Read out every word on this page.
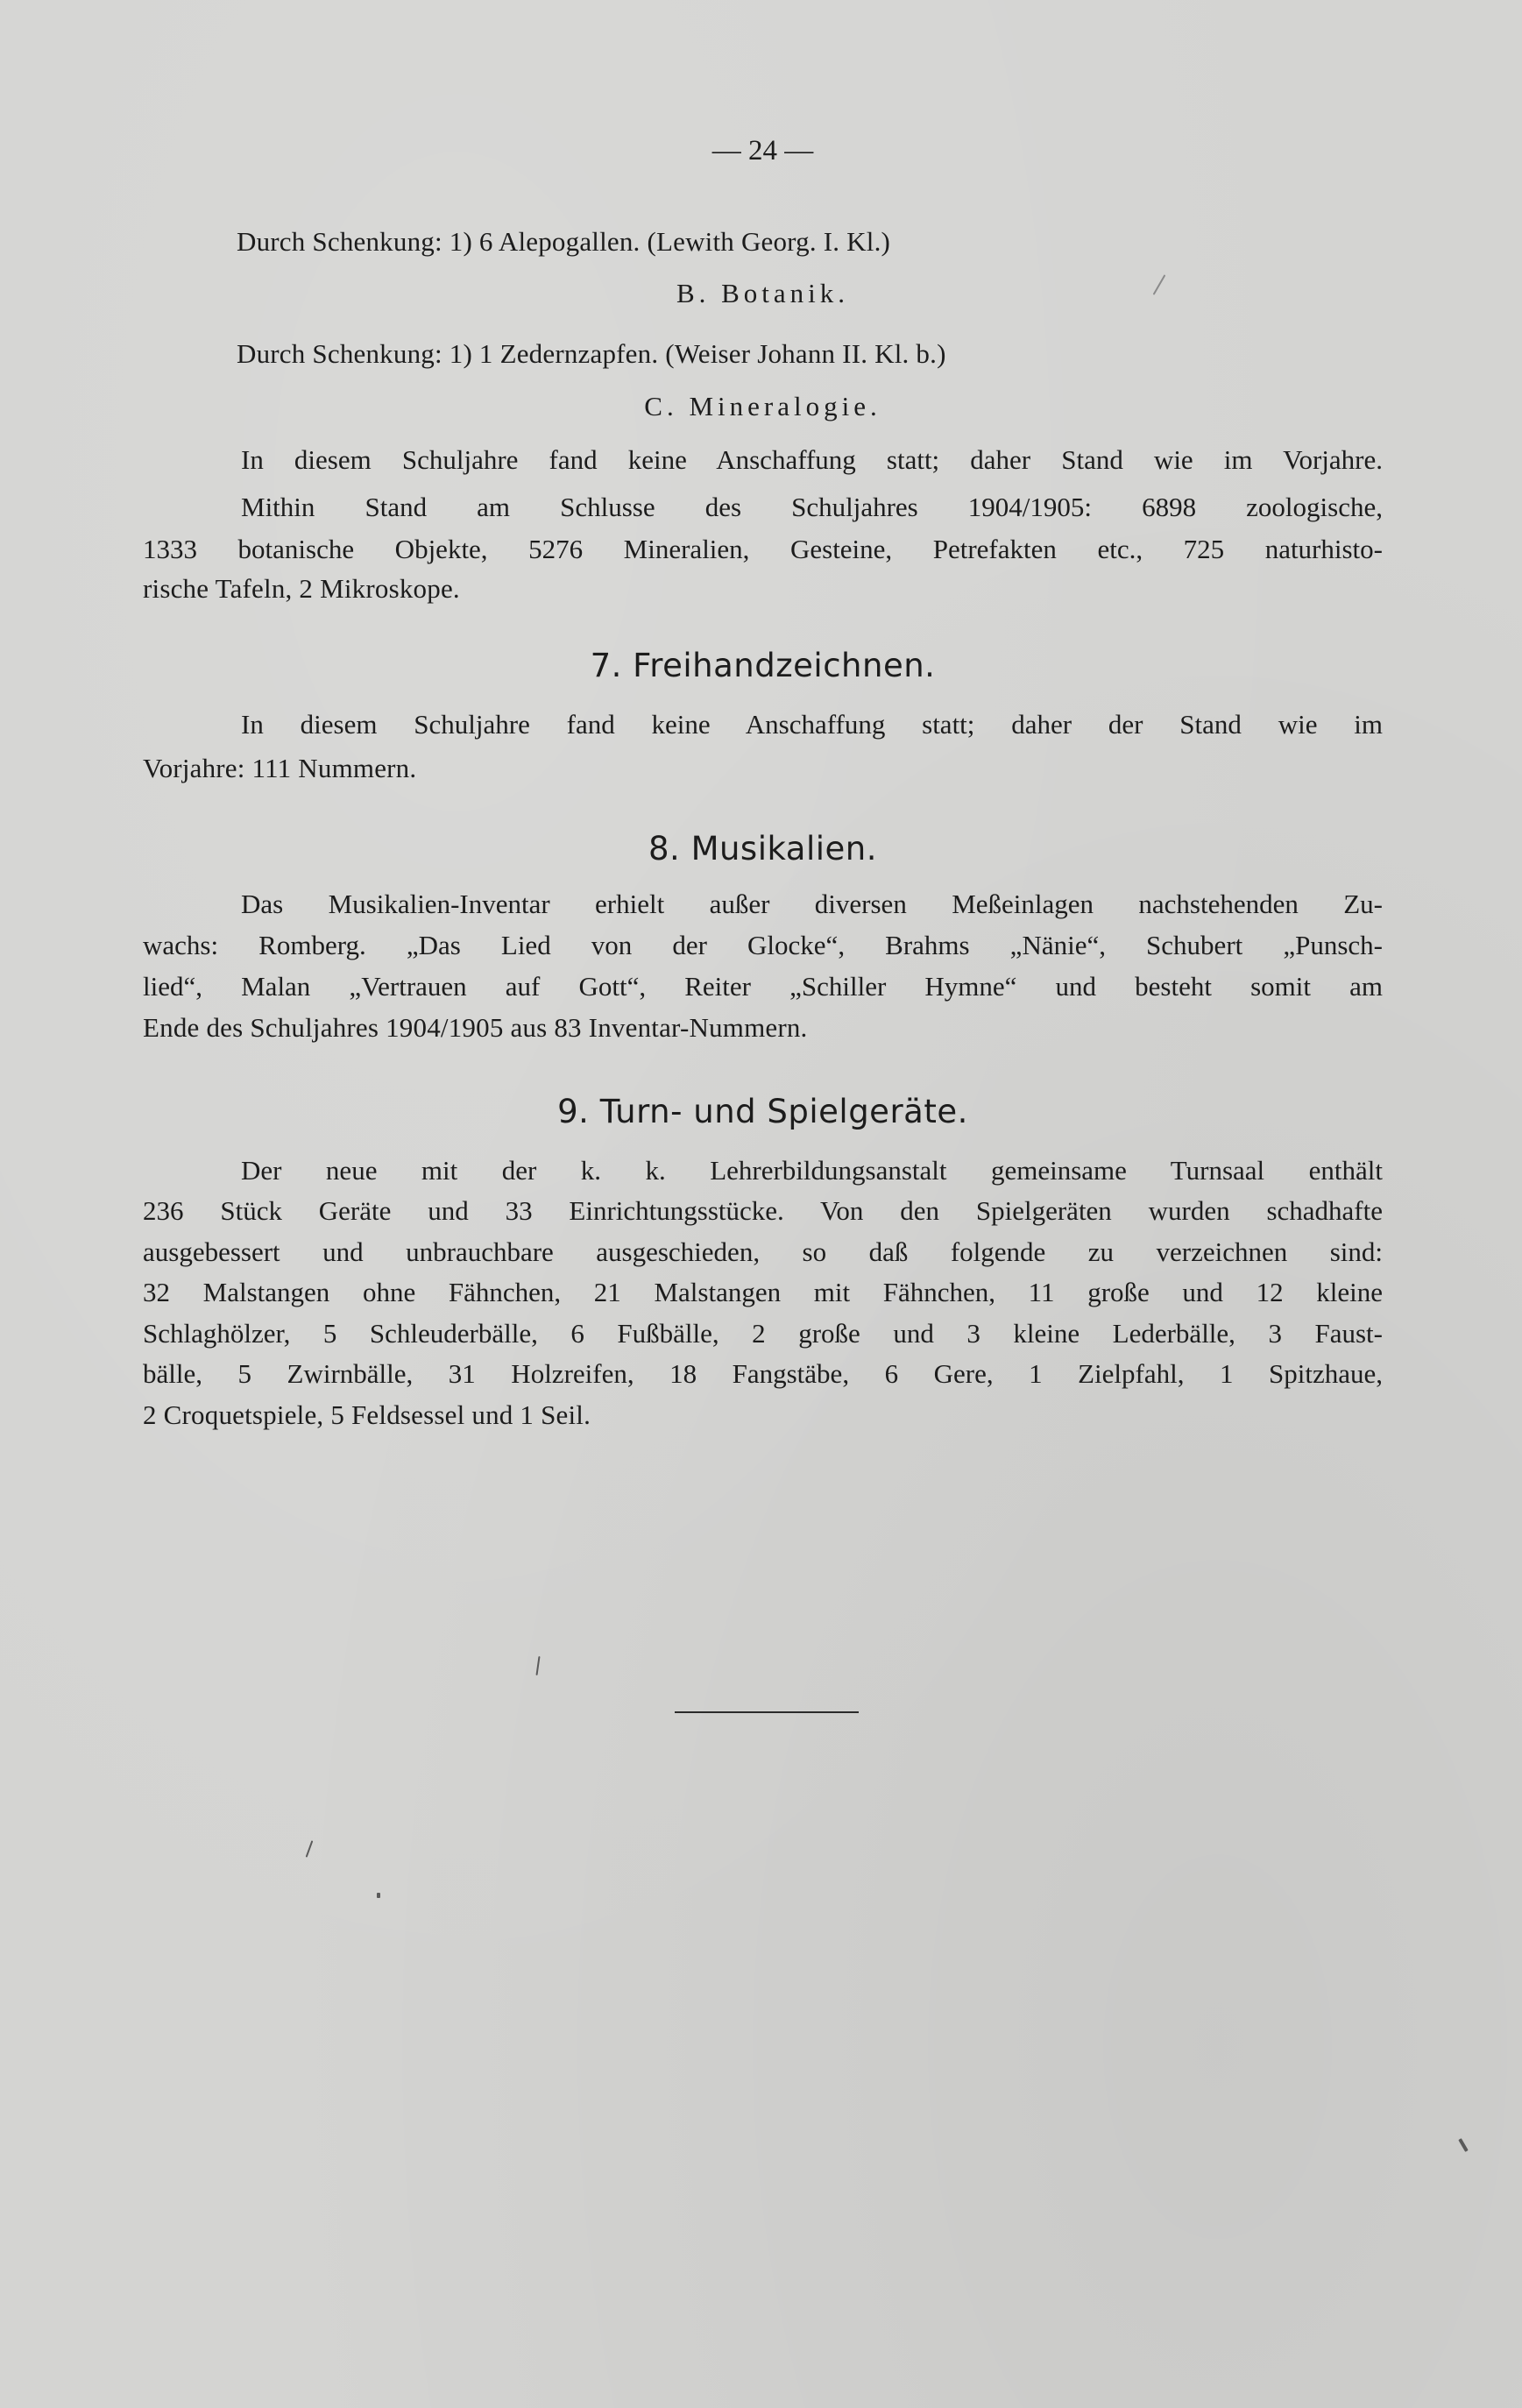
— 24 —
Durch Schenkung: 1) 6 Alepogallen. (Lewith Georg. I. Kl.)
B. Botanik.
Durch Schenkung: 1) 1 Zedernzapfen. (Weiser Johann II. Kl. b.)
C. Mineralogie.
In diesem Schuljahre fand keine Anschaffung statt; daher Stand wie im Vorjahre.
Mithin Stand am Schlusse des Schuljahres 1904/1905: 6898 zoologische,
1333 botanische Objekte, 5276 Mineralien, Gesteine, Petrefakten etc., 725 naturhisto-
rische Tafeln, 2 Mikroskope.
7. Freihandzeichnen.
In diesem Schuljahre fand keine Anschaffung statt; daher der Stand wie im
Vorjahre: 111 Nummern.
8. Musikalien.
Das Musikalien-Inventar erhielt außer diversen Meßeinlagen nachstehenden Zu-
wachs: Romberg. „Das Lied von der Glocke“, Brahms „Nänie“, Schubert „Punsch-
lied“, Malan „Vertrauen auf Gott“, Reiter „Schiller Hymne“ und besteht somit am
Ende des Schuljahres 1904/1905 aus 83 Inventar-Nummern.
9. Turn- und Spielgeräte.
Der neue mit der k. k. Lehrerbildungsanstalt gemeinsame Turnsaal enthält
236 Stück Geräte und 33 Einrichtungsstücke. Von den Spielgeräten wurden schadhafte
ausgebessert und unbrauchbare ausgeschieden, so daß folgende zu verzeichnen sind:
32 Malstangen ohne Fähnchen, 21 Malstangen mit Fähnchen, 11 große und 12 kleine
Schlaghölzer, 5 Schleuderbälle, 6 Fußbälle, 2 große und 3 kleine Lederbälle, 3 Faust-
bälle, 5 Zwirnbälle, 31 Holzreifen, 18 Fangstäbe, 6 Gere, 1 Zielpfahl, 1 Spitzhaue,
2 Croquetspiele, 5 Feldsessel und 1 Seil.
